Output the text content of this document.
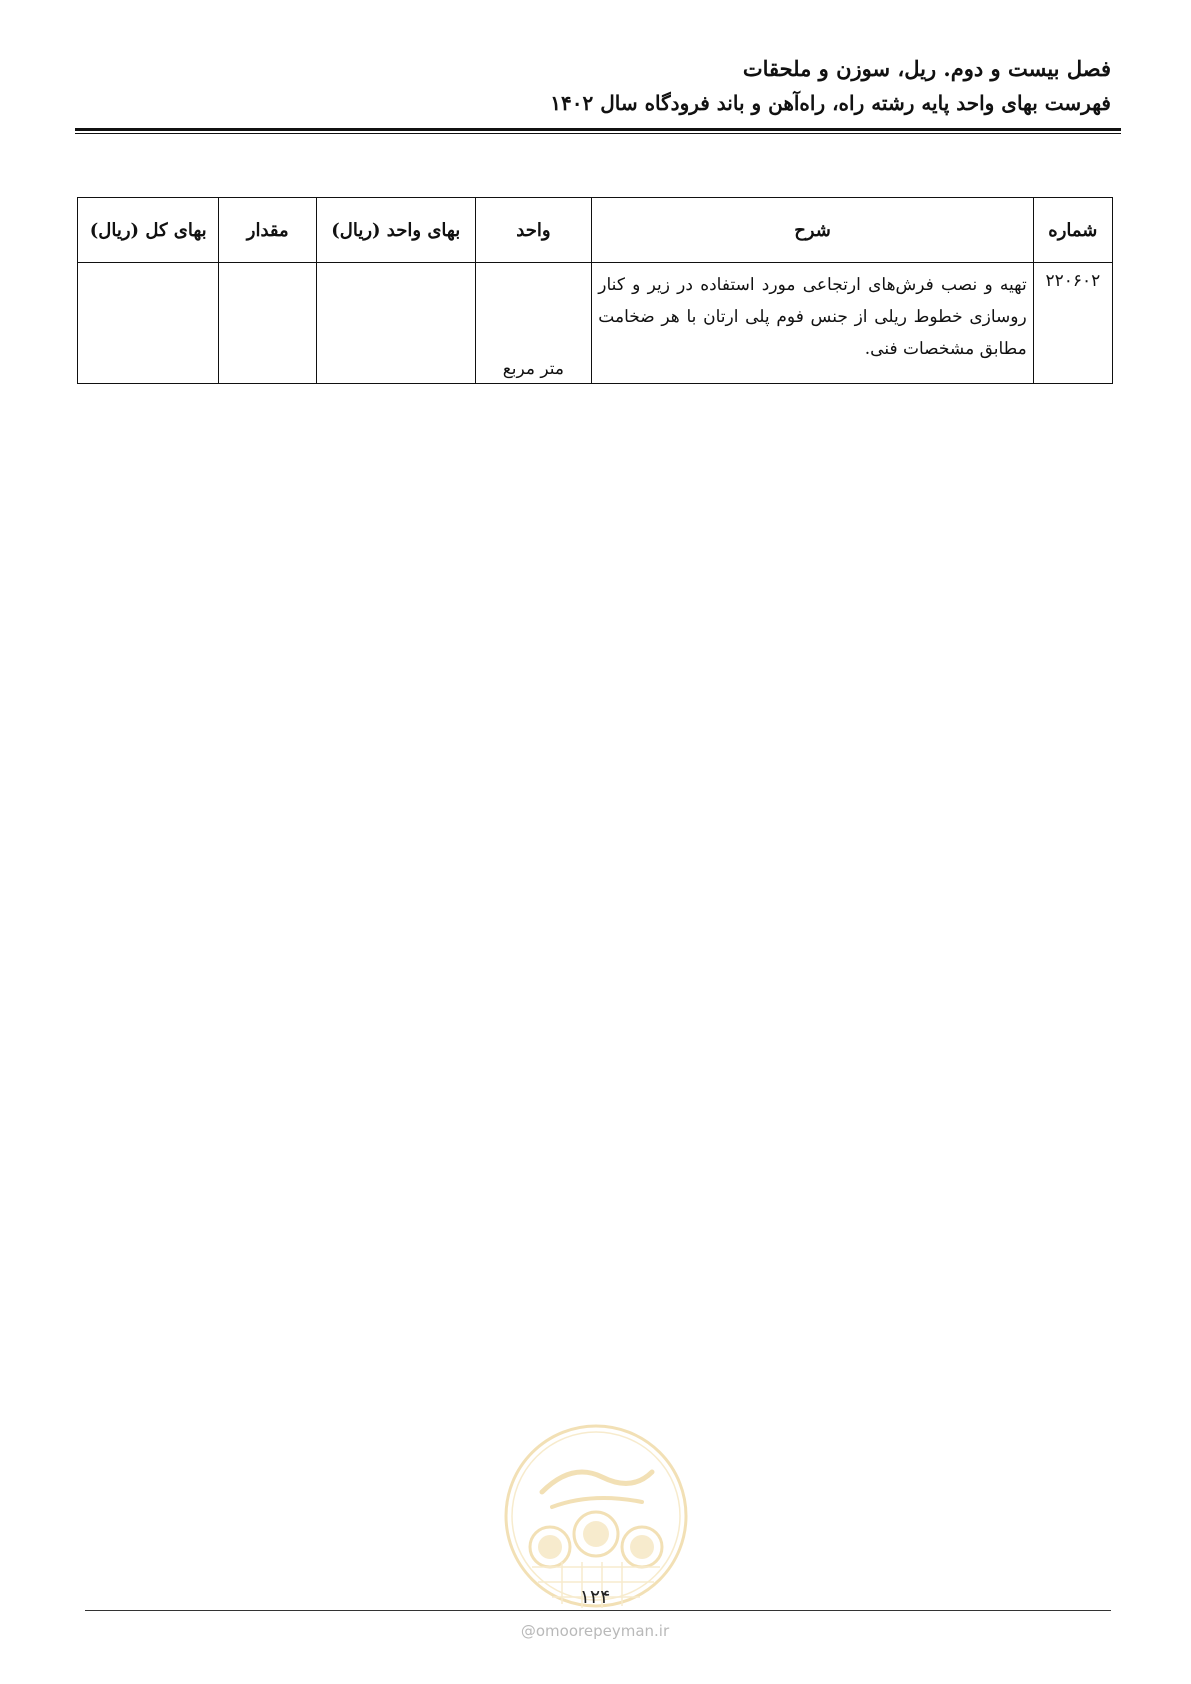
فصل بیست و دوم. ریل، سوزن و ملحقات
فهرست بهای واحد پایه رشته راه، راه‌آهن و باند فرودگاه سال ۱۴۰۲
شماره	شرح	واحد	بهای واحد (ریال)	مقدار	بهای کل (ریال)
۲۲۰۶۰۲	تهیه و نصب فرش‌های ارتجاعی مورد استفاده در زیر و کنار روسازی خطوط ریلی از جنس فوم پلی ارتان با هر ضخامت مطابق مشخصات فنی.	متر مربع			
۱۲۴
@omoorepeyman.ir
